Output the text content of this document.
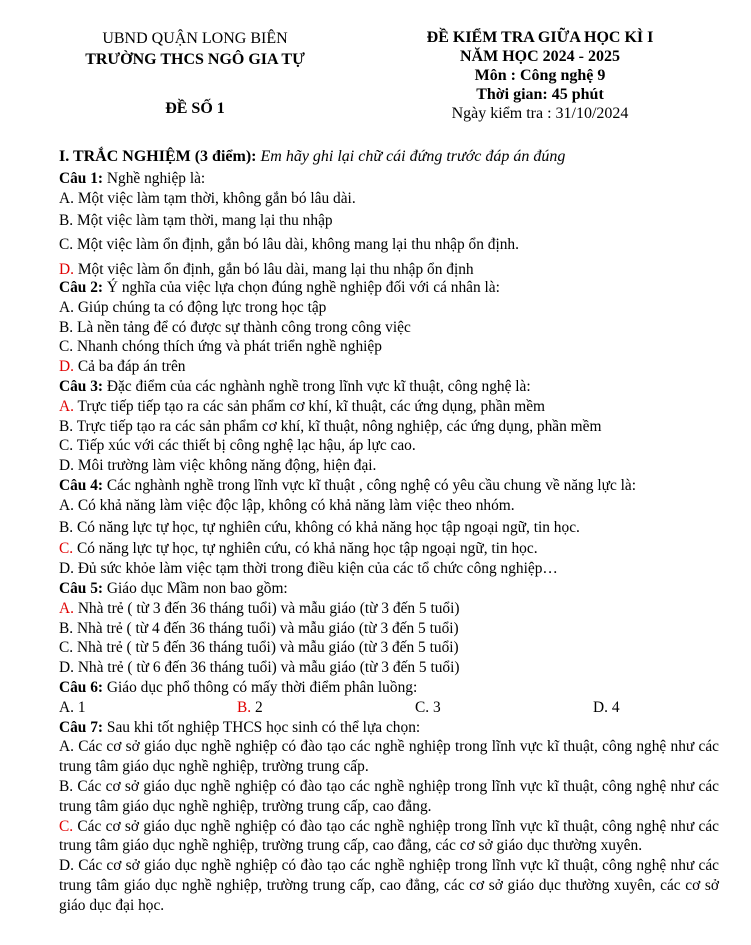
UBND QUẬN LONG BIÊN
TRƯỜNG THCS NGÔ GIA TỰ
ĐỀ SỐ 1
ĐỀ KIỂM TRA GIỮA HỌC KÌ I
NĂM HỌC 2024 - 2025
Môn : Công nghệ 9
Thời gian: 45 phút
Ngày kiểm tra : 31/10/2024
I. TRẮC NGHIỆM (3 điểm): Em hãy ghi lại chữ cái đứng trước đáp án đúng
Câu 1: Nghề nghiệp là:
A. Một việc làm tạm thời, không gắn bó lâu dài.
B. Một việc làm tạm thời, mang lại thu nhập
C. Một việc làm ổn định, gắn bó lâu dài, không mang lại thu nhập ổn định.
D. Một việc làm ổn định, gắn bó lâu dài, mang lại thu nhập ổn định
Câu 2: Ý nghĩa của việc lựa chọn đúng nghề nghiệp đối với cá nhân là:
A. Giúp chúng ta có động lực trong học tập
B. Là nền tảng để có được sự thành công trong công việc
C. Nhanh chóng thích ứng và phát triển nghề nghiệp
D. Cả ba đáp án trên
Câu 3: Đặc điểm của các nghành nghề trong lĩnh vực kĩ thuật, công nghệ là:
A. Trực tiếp tiếp tạo ra các sản phẩm cơ khí, kĩ thuật, các ứng dụng, phần mềm
B. Trực tiếp tạo ra các sản phẩm cơ khí, kĩ thuật, nông nghiệp, các ứng dụng, phần mềm
C. Tiếp xúc với các thiết bị công nghệ lạc hậu, áp lực cao.
D. Môi trường làm việc không năng động, hiện đại.
Câu 4: Các nghành nghề trong lĩnh vực kĩ thuật , công nghệ có yêu cầu chung về năng lực là:
A. Có khả năng làm việc độc lập, không có khả năng làm việc theo nhóm.
B. Có năng lực tự học, tự nghiên cứu, không có khả năng học tập ngoại ngữ, tin học.
C. Có năng lực tự học, tự nghiên cứu, có khả năng học tập ngoại ngữ, tin học.
D. Đủ sức khỏe làm việc tạm thời trong điều kiện của các tổ chức công nghiệp…
Câu 5: Giáo dục Mầm non bao gồm:
A. Nhà trẻ ( từ 3 đến 36 tháng tuổi) và mẫu giáo (từ 3 đến 5 tuổi)
B. Nhà trẻ ( từ 4 đến 36 tháng tuổi) và mẫu giáo (từ 3 đến 5 tuổi)
C. Nhà trẻ ( từ 5 đến 36 tháng tuổi) và mẫu giáo (từ 3 đến 5 tuổi)
D. Nhà trẻ ( từ 6 đến 36 tháng tuổi) và mẫu giáo (từ 3 đến 5 tuổi)
Câu 6: Giáo dục phổ thông có mấy thời điểm phân luồng:
A. 1	B. 2	C. 3	D. 4
Câu 7: Sau khi tốt nghiệp THCS học sinh có thể lựa chọn:
A. Các cơ sở giáo dục nghề nghiệp có đào tạo các nghề nghiệp trong lĩnh vực kĩ thuật, công nghệ như các trung tâm giáo dục nghề nghiệp, trường trung cấp.
B. Các cơ sở giáo dục nghề nghiệp có đào tạo các nghề nghiệp trong lĩnh vực kĩ thuật, công nghệ như các trung tâm giáo dục nghề nghiệp, trường trung cấp, cao đẳng.
C. Các cơ sở giáo dục nghề nghiệp có đào tạo các nghề nghiệp trong lĩnh vực kĩ thuật, công nghệ như các trung tâm giáo dục nghề nghiệp, trường trung cấp, cao đẳng, các cơ sở giáo dục thường xuyên.
D. Các cơ sở giáo dục nghề nghiệp có đào tạo các nghề nghiệp trong lĩnh vực kĩ thuật, công nghệ như các trung tâm giáo dục nghề nghiệp, trường trung cấp, cao đẳng, các cơ sở giáo dục thường xuyên, các cơ sở giáo dục đại học.
